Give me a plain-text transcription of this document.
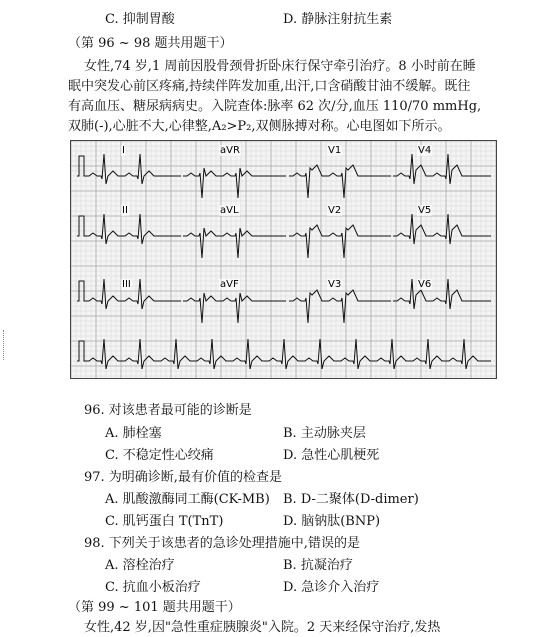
C. 抑制胃酸	D. 静脉注射抗生素
（第 96 ~ 98 题共用题干）
女性,74 岁,1 周前因股骨颈骨折卧床行保守牵引治疗。8 小时前在睡
眠中突发心前区疼痛,持续伴阵发加重,出汗,口含硝酸甘油不缓解。既往
有高血压、糖尿病病史。入院查体:脉率 62 次/分,血压 110/70 mmHg,
双肺(-),心脏不大,心律整,A₂>P₂,双侧脉搏对称。心电图如下所示。
I	aVR	V1	V4
II	aVL	V2	V5
III	aVF	V3	V6
96. 对该患者最可能的诊断是
A. 肺栓塞	B. 主动脉夹层
C. 不稳定性心绞痛	D. 急性心肌梗死
97. 为明确诊断,最有价值的检查是
A. 肌酸激酶同工酶(CK-MB) B. D-二聚体(D-dimer)
C. 肌钙蛋白 T(TnT)	D. 脑钠肽(BNP)
98. 下列关于该患者的急诊处理措施中,错误的是
A. 溶栓治疗	B. 抗凝治疗
C. 抗血小板治疗	D. 急诊介入治疗
（第 99 ~ 101 题共用题干）
女性,42 岁,因"急性重症胰腺炎"入院。2 天来经保守治疗,发热
